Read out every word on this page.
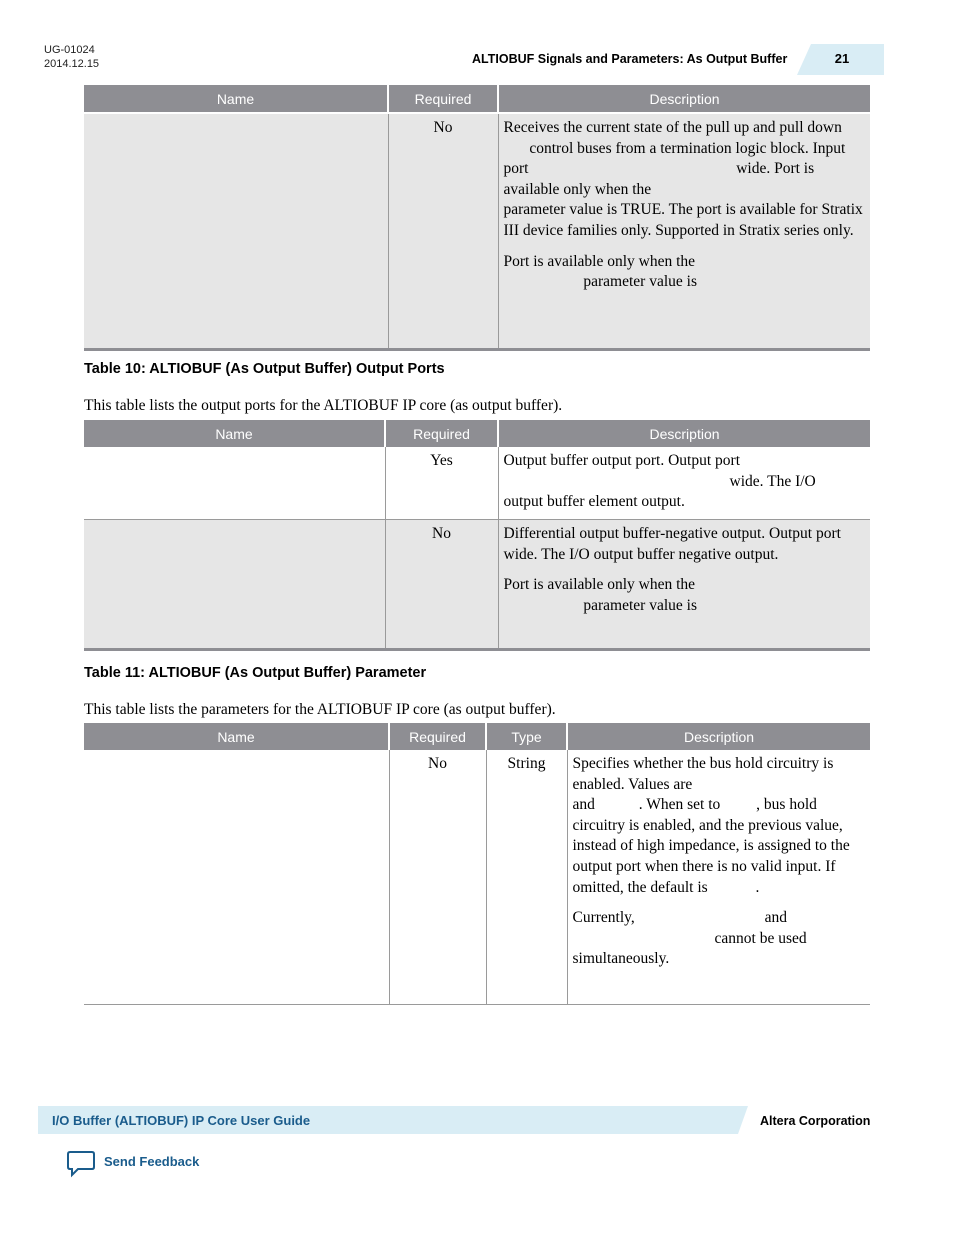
UG-01024
2014.12.15	ALTIOBUF Signals and Parameters: As Output Buffer	21
Name	Required	Description
	No	Receives the current state of the pull up and pull down  control buses from a termination logic block. Input port wide. Port is available only when the  parameter value is TRUE. The port is available for Stratix III device families only. Supported in Stratix series only.

Port is available only when the
parameter value is

Table 10: ALTIOBUF (As Output Buffer) Output Ports
This table lists the output ports for the ALTIOBUF IP core (as output buffer).
Name	Required	Description
	Yes	Output buffer output port. Output port
wide. The I/O
output buffer element output.
	No	Differential output buffer-negative output. Output port
wide. The I/O output buffer negative output.

Port is available only when the
parameter value is

Table 11: ALTIOBUF (As Output Buffer) Parameter
This table lists the parameters for the ALTIOBUF IP core (as output buffer).
Name	Required	Type	Description
	No	String	Specifies whether the bus hold circuitry is enabled. Values are
and . When set to , bus hold circuitry is enabled, and the previous value, instead of high impedance, is assigned to the output port when there is no valid input. If omitted, the default is .

Currently, and
cannot be used simultaneously.

I/O Buffer (ALTIOBUF) IP Core User Guide	Altera Corporation
Send Feedback
